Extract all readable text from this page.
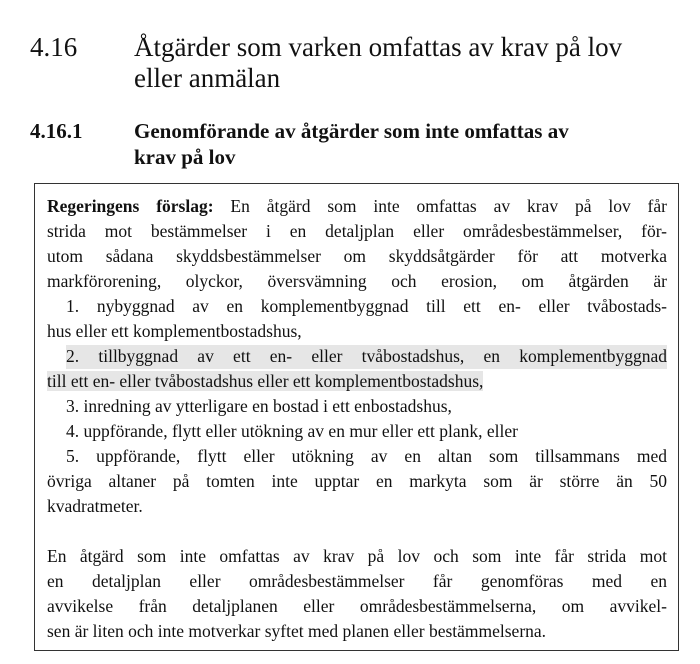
4.16	Åtgärder som varken omfattas av krav på lov
eller anmälan
4.16.1	Genomförande av åtgärder som inte omfattas av
krav på lov
Regeringens förslag: En åtgärd som inte omfattas av krav på lov får
strida mot bestämmelser i en detaljplan eller områdesbestämmelser, för-
utom sådana skyddsbestämmelser om skyddsåtgärder för att motverka
markförorening, olyckor, översvämning och erosion, om åtgärden är
1. nybyggnad av en komplementbyggnad till ett en- eller tvåbostads-
hus eller ett komplementbostadshus,
2. tillbyggnad av ett en- eller tvåbostadshus, en komplementbyggnad
till ett en- eller tvåbostadshus eller ett komplementbostadshus,
3. inredning av ytterligare en bostad i ett enbostadshus,
4. uppförande, flytt eller utökning av en mur eller ett plank, eller
5. uppförande, flytt eller utökning av en altan som tillsammans med
övriga altaner på tomten inte upptar en markyta som är större än 50
kvadratmeter.
En åtgärd som inte omfattas av krav på lov och som inte får strida mot
en detaljplan eller områdesbestämmelser får genomföras med en
avvikelse från detaljplanen eller områdesbestämmelserna, om avvikel-
sen är liten och inte motverkar syftet med planen eller bestämmelserna.
